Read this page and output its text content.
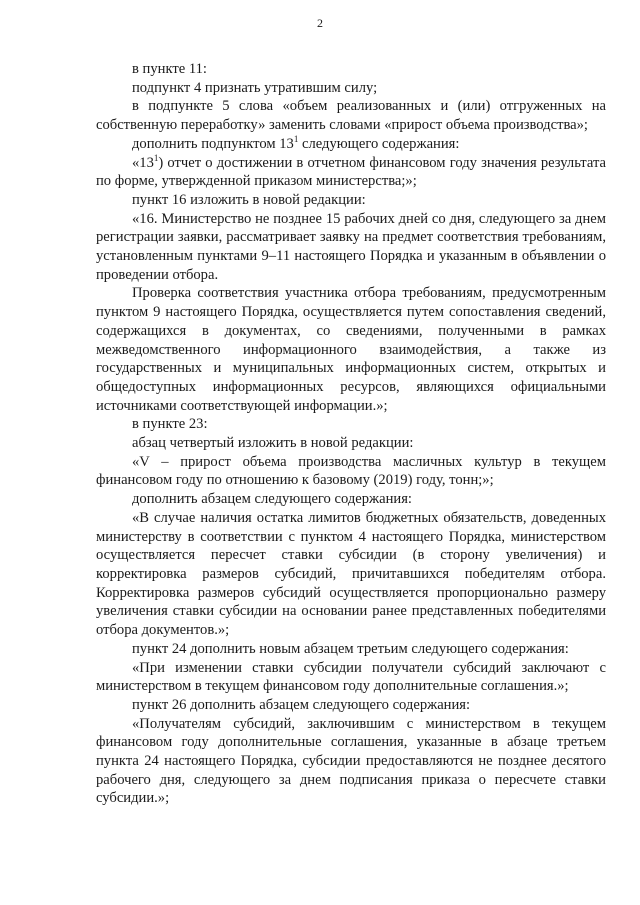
2

в пункте 11:

подпункт 4 признать утратившим силу;

в подпункте 5 слова «объем реализованных и (или) отгруженных на собственную переработку» заменить словами «прирост объема производства»;

дополнить подпунктом $13^1$ следующего содержания:

«$13^1$) отчет о достижении в отчетном финансовом году значения результата по форме, утвержденной приказом министерства;»;

пункт 16 изложить в новой редакции:

«16. Министерство не позднее 15 рабочих дней со дня, следующего за днем регистрации заявки, рассматривает заявку на предмет соответствия требованиям, установленным пунктами 9–11 настоящего Порядка и указанным в объявлении о проведении отбора.

Проверка соответствия участника отбора требованиям, предусмотренным пунктом 9 настоящего Порядка, осуществляется путем сопоставления сведений, содержащихся в документах, со сведениями, полученными в рамках межведомственного информационного взаимодействия, а также из государственных и муниципальных информационных систем, открытых и общедоступных информационных ресурсов, являющихся официальными источниками соответствующей информации.»;

в пункте 23:

абзац четвертый изложить в новой редакции:

«V – прирост объема производства масличных культур в текущем финансовом году по отношению к базовому (2019) году, тонн;»;

дополнить абзацем следующего содержания:

«В случае наличия остатка лимитов бюджетных обязательств, доведенных министерству в соответствии с пунктом 4 настоящего Порядка, министерством осуществляется пересчет ставки субсидии (в сторону увеличения) и корректировка размеров субсидий, причитавшихся победителям отбора. Корректировка размеров субсидий осуществляется пропорционально размеру увеличения ставки субсидии на основании ранее представленных победителями отбора документов.»;

пункт 24 дополнить новым абзацем третьим следующего содержания:

«При изменении ставки субсидии получатели субсидий заключают с министерством в текущем финансовом году дополнительные соглашения.»;

пункт 26 дополнить абзацем следующего содержания:

«Получателям субсидий, заключившим с министерством в текущем финансовом году дополнительные соглашения, указанные в абзаце третьем пункта 24 настоящего Порядка, субсидии предоставляются не позднее десятого рабочего дня, следующего за днем подписания приказа о пересчете ставки субсидии.»;
